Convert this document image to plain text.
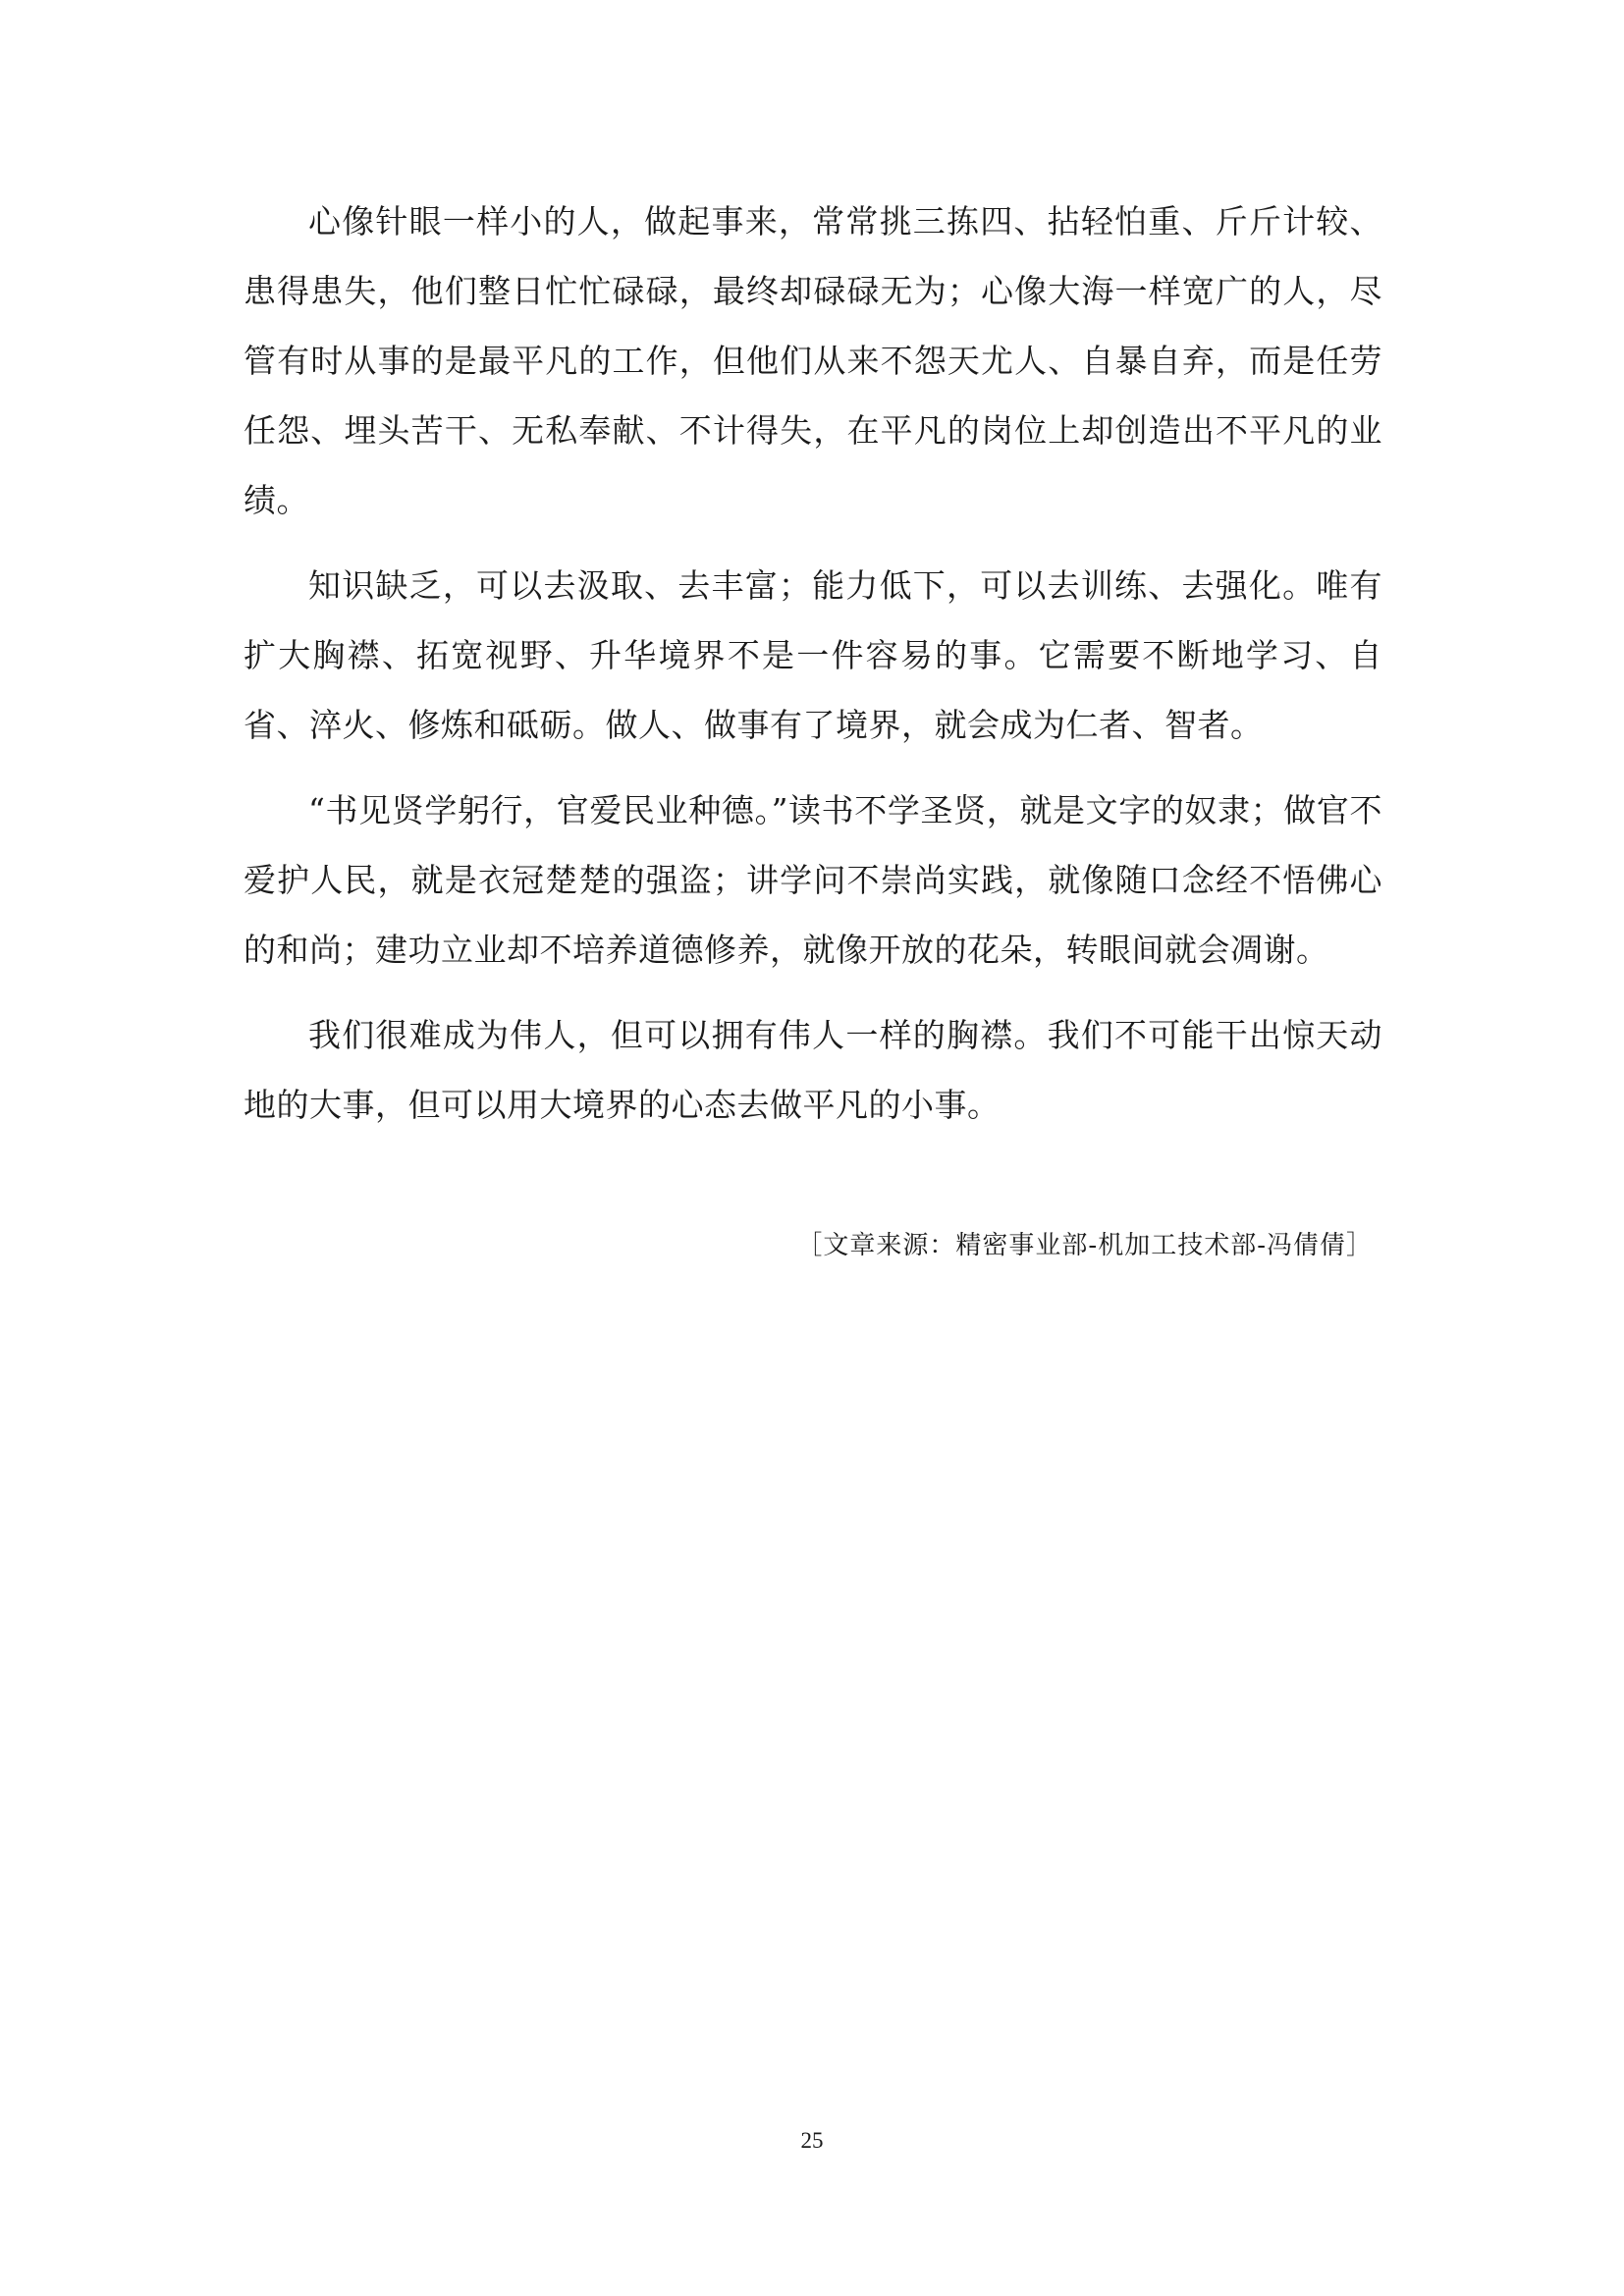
心像针眼一样小的人，做起事来，常常挑三拣四、拈轻怕重、斤斤计较、患得患失，他们整日忙忙碌碌，最终却碌碌无为；心像大海一样宽广的人，尽管有时从事的是最平凡的工作，但他们从来不怨天尤人、自暴自弃，而是任劳任怨、埋头苦干、无私奉献、不计得失，在平凡的岗位上却创造出不平凡的业绩。

知识缺乏，可以去汲取、去丰富；能力低下，可以去训练、去强化。唯有扩大胸襟、拓宽视野、升华境界不是一件容易的事。它需要不断地学习、自省、淬火、修炼和砥砺。做人、做事有了境界，就会成为仁者、智者。

“书见贤学躬行，官爱民业种德。”读书不学圣贤，就是文字的奴隶；做官不爱护人民，就是衣冠楚楚的强盗；讲学问不崇尚实践，就像随口念经不悟佛心的和尚；建功立业却不培养道德修养，就像开放的花朵，转眼间就会凋谢。

我们很难成为伟人，但可以拥有伟人一样的胸襟。我们不可能干出惊天动地的大事，但可以用大境界的心态去做平凡的小事。

［文章来源：精密事业部-机加工技术部-冯倩倩］
25
